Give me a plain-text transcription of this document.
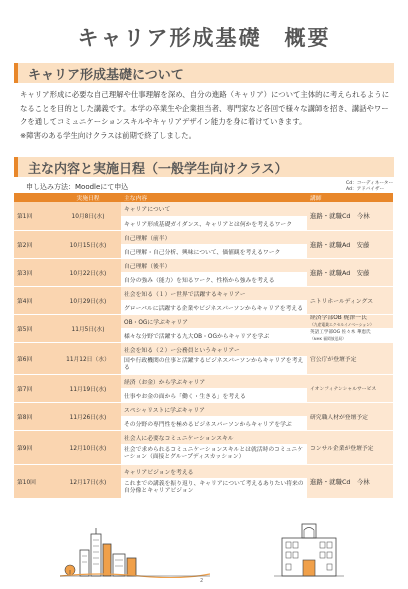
キャリア形成基礎　概要
キャリア形成基礎について
キャリア形成に必要な自己理解や仕事理解を深め、自分の進路（キャリア）について主体的に考えられるようになることを目的とした講義です。本学の卒業生や企業担当者、専門家など各回で様々な講師を招き、講話やワークを通してコミュニケーションスキルやキャリアデザイン能力を身に着けていきます。
※障害のある学生向けクラスは前期で終了しました。
主な内容と実施日程（一般学生向けクラス）
申し込み方法：Moodleにて申込	Cd：コーディネーター
Ad：アドバイザー
	実施日程	主な内容	講師
第1回	10月8日(水)	キャリアについて	進路・就職Cd　今林
		キャリア形成基礎ガイダンス、キャリアとは何かを考えるワーク	
第2回	10月15日(水)	自己理解（前半）	進路・就職Ad　安藤
		自己理解・自己分析、興味について、価値観を考えるワーク	
第3回	10月22日(水)	自己理解（後半）	進路・就職Ad　安藤
		自分の強み（能力）を知るワーク、性格から強みを考える	
第4回	10月29日(水)	社会を知る（１）ー世界で活躍するキャリアー	ニトリホールディングス
		グローバルに活躍する企業やビジネスパーソンからキャリアを考える	
第5回	11月5日(水)	OB・OGに学ぶキャリア	経済学部OB 梶澤一氏
（九産電業エクセルイノベーション）

		様々な分野で活躍する九大OB・OGからキャリアを学ぶ	英語工学部OG 佐々木 華恵氏
（NHK 福岡放送局）

第6回	11月12日（水）	社会を知る（２）ー公務員というキャリアー	官公庁が登壇予定
		国や行政機関の仕事と活躍するビジネスパーソンからキャリアを考える	
第7回	11月19日(水)	経済（お金）から学ぶキャリア	イオンフィナンシャルサービス
		仕事やお金の面から「働く・生きる」を考える	
第8回	11月26日(水)	スペシャリストに学ぶキャリア	研究職人材が登壇予定
		その分野の専門性を極めるビジネスパーソンからキャリアを学ぶ	
第9回	12月10日(水)	社会人に必要なコミュニケーションスキル	コンサル企業が登壇予定
		社会で求められるコミュニケーションスキルとは就活時のコミュニケーション（面接とグループディスカッション）	
第10回	12月17日(水)	キャリアビジョンを考える	進路・就職Cd　今林
		これまでの講義を振り返り、キャリアについて考えるありたい将来の自分像とキャリアビジョン	
2
